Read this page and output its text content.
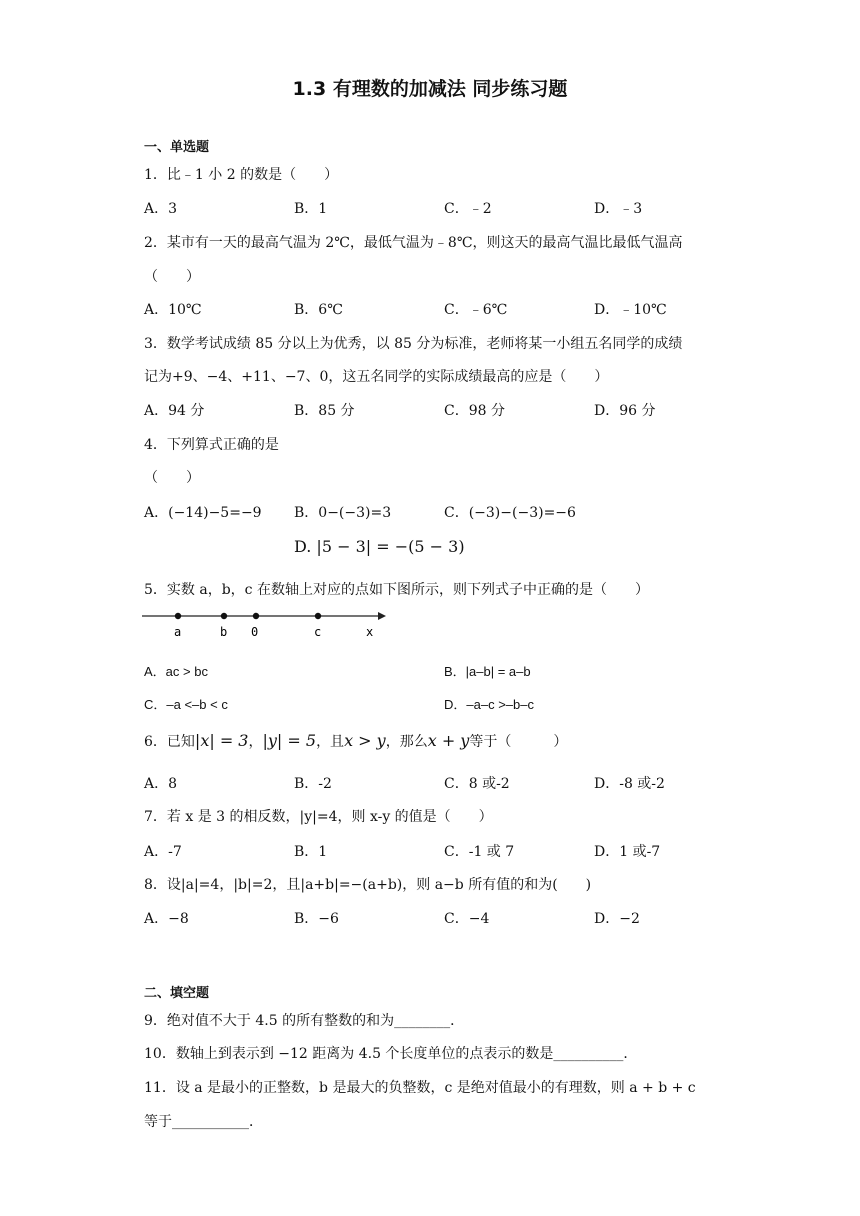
1.3 有理数的加减法 同步练习题
一、单选题
1．比﹣1 小 2 的数是（　　）
A．3	B．1	C．﹣2	D．﹣3
2．某市有一天的最高气温为 2℃，最低气温为﹣8℃，则这天的最高气温比最低气温高
（　　）
A．10℃	B．6℃	C．﹣6℃	D．﹣10℃
3．数学考试成绩 85 分以上为优秀，以 85 分为标准，老师将某一小组五名同学的成绩
记为+9、−4、+11、−7、0，这五名同学的实际成绩最高的应是（　　）
A．94 分	B．85 分	C．98 分	D．96 分
4．下列算式正确的是
（　　）
A．(−14)−5=−9 B．0−(−3)=3	C．(−3)−(−3)=−6
D. |5 − 3| = −(5 − 3)
5．实数 a，b，c 在数轴上对应的点如下图所示，则下列式子中正确的是（　　）
a	b 0	c	x
A．ac > bc	B．|a–b| = a–b
C．–a <–b < c	D．–a–c >–b–c
6．已知|x| = 3，|y| = 5，且x > y，那么x + y等于（　　　）
A．8	B．-2	C．8 或-2	D．-8 或-2
7．若 x 是 3 的相反数，|y|=4，则 x-y 的值是（　　）
A．-7	B．1	C．-1 或 7	D．1 或-7
8．设|a|=4，|b|=2，且|a+b|=−(a+b)，则 a−b 所有值的和为(　　)
A．−8	B．−6	C．−4	D．−2
二、填空题
9．绝对值不大于 4.5 的所有整数的和为________．
10．数轴上到表示到 −12 距离为 4.5 个长度单位的点表示的数是__________．
11．设 a 是最小的正整数，b 是最大的负整数，c 是绝对值最小的有理数，则 a + b + c
等于___________．
